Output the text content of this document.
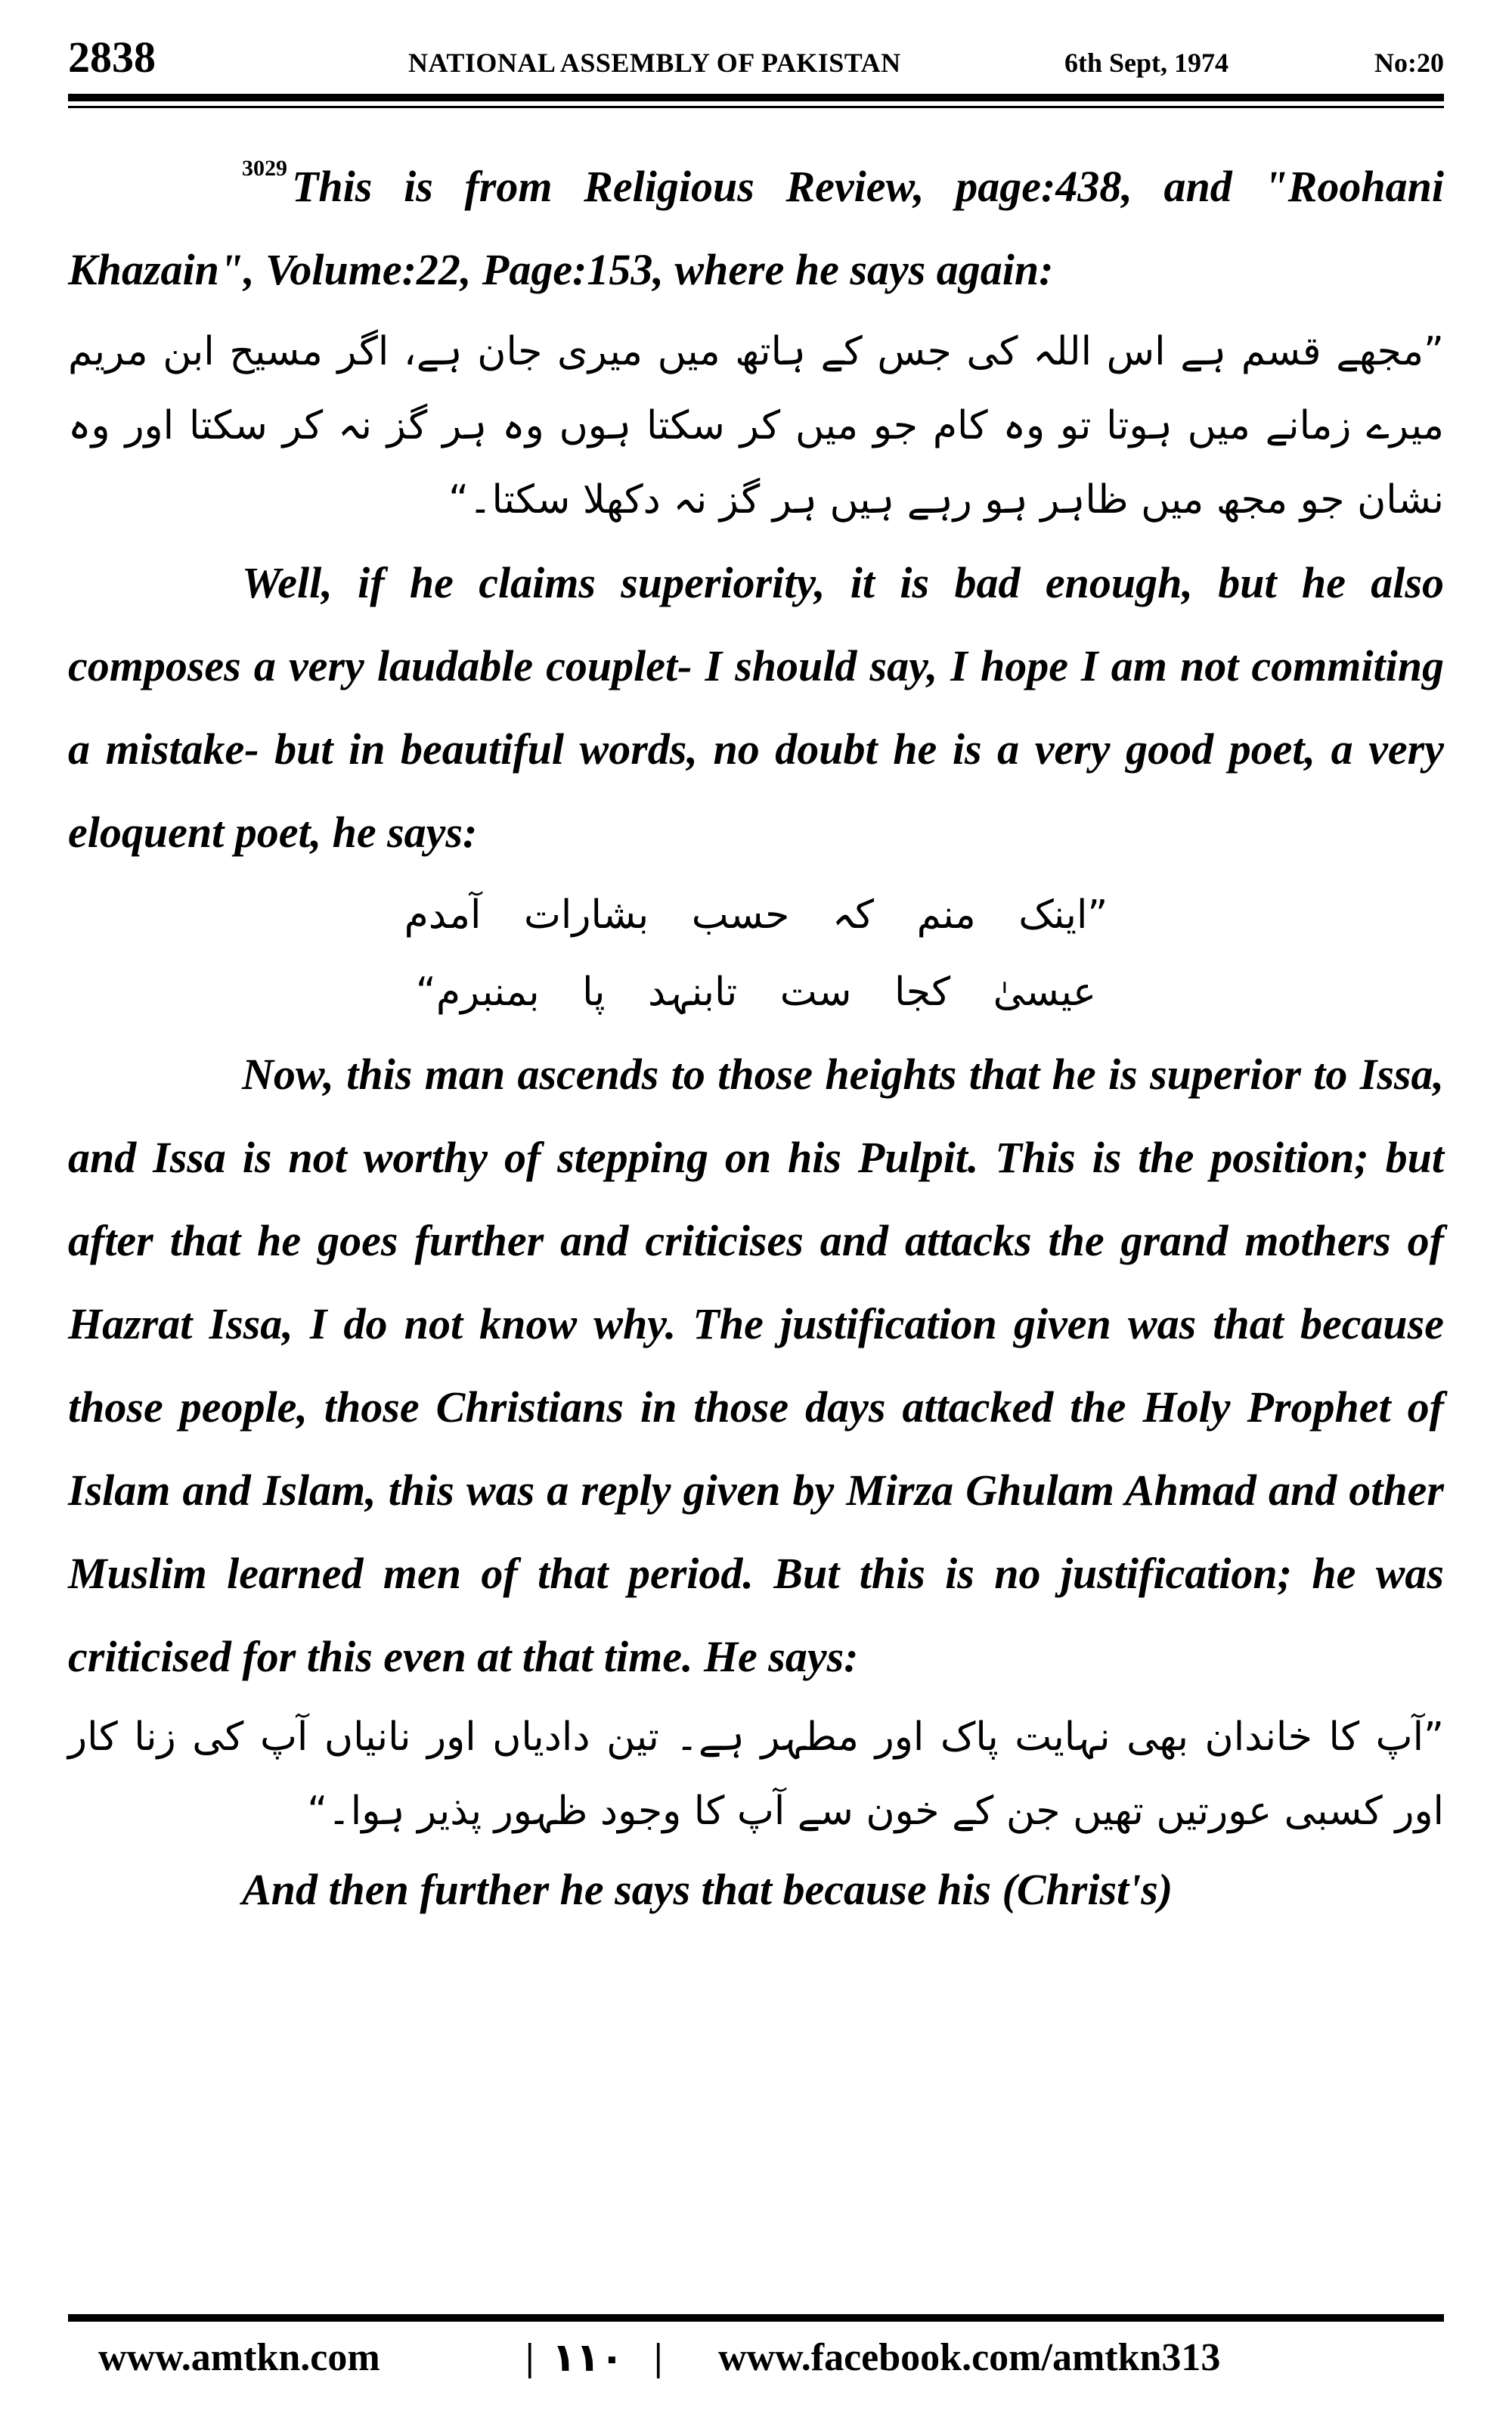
2838	NATIONAL ASSEMBLY OF PAKISTAN	6th Sept, 1974	No:20

$^{3029}$ This is from Religious Review, page:438, and "Roohani Khazain", Volume:22, Page:153, where he says again:

”مجھے قسم ہے اس اللہ کی جس کے ہاتھ میں میری جان ہے، اگر مسیح ابن مریم میرے زمانے میں ہوتا تو وہ کام جو میں کر سکتا ہوں وہ ہر گز نہ کر سکتا اور وہ نشان جو مجھ میں ظاہر ہو رہے ہیں ہر گز نہ دکھلا سکتا۔“

Well, if he claims superiority, it is bad enough, but he also composes a very laudable couplet- I should say, I hope I am not commiting a mistake- but in beautiful words, no doubt he is a very good poet, a very eloquent poet, he says:

”اینک منم کہ حسب بشارات آمدم

عیسیٰ کجا ست تابنہد پا بمنبرم“

Now, this man ascends to those heights that he is superior to Issa, and Issa is not worthy of stepping on his Pulpit. This is the position; but after that he goes further and criticises and attacks the grand mothers of Hazrat Issa, I do not know why. The justification given was that because those people, those Christians in those days attacked the Holy Prophet of Islam and Islam, this was a reply given by Mirza Ghulam Ahmad and other Muslim learned men of that period. But this is no justification; he was criticised for this even at that time. He says:

”آپ کا خاندان بھی نہایت پاک اور مطہر ہے۔ تین دادیاں اور نانیاں آپ کی زنا کار اور کسبی عورتیں تھیں جن کے خون سے آپ کا وجود ظہور پذیر ہوا۔“

And then further he says that because his (Christ's)

www.amtkn.com	| ١١٠ | www.facebook.com/amtkn313
